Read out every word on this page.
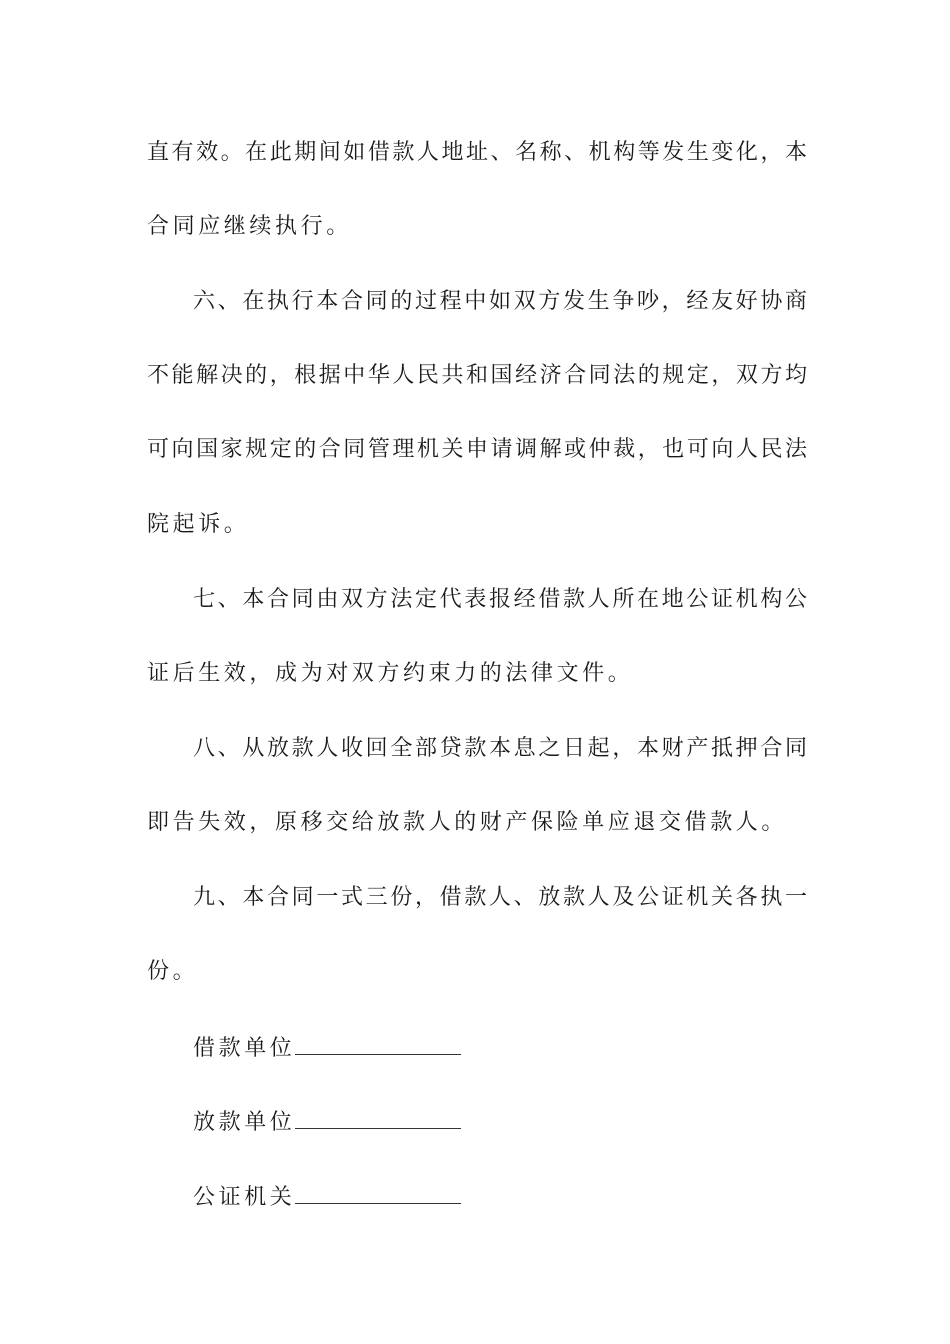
直有效。在此期间如借款人地址、名称、机构等发生变化，本
合同应继续执行。
六、在执行本合同的过程中如双方发生争吵，经友好协商
不能解决的，根据中华人民共和国经济合同法的规定，双方均
可向国家规定的合同管理机关申请调解或仲裁，也可向人民法
院起诉。
七、本合同由双方法定代表报经借款人所在地公证机构公
证后生效，成为对双方约束力的法律文件。
八、从放款人收回全部贷款本息之日起，本财产抵押合同
即告失效，原移交给放款人的财产保险单应退交借款人。
九、本合同一式三份，借款人、放款人及公证机关各执一
份。
借款单位
放款单位
公证机关
